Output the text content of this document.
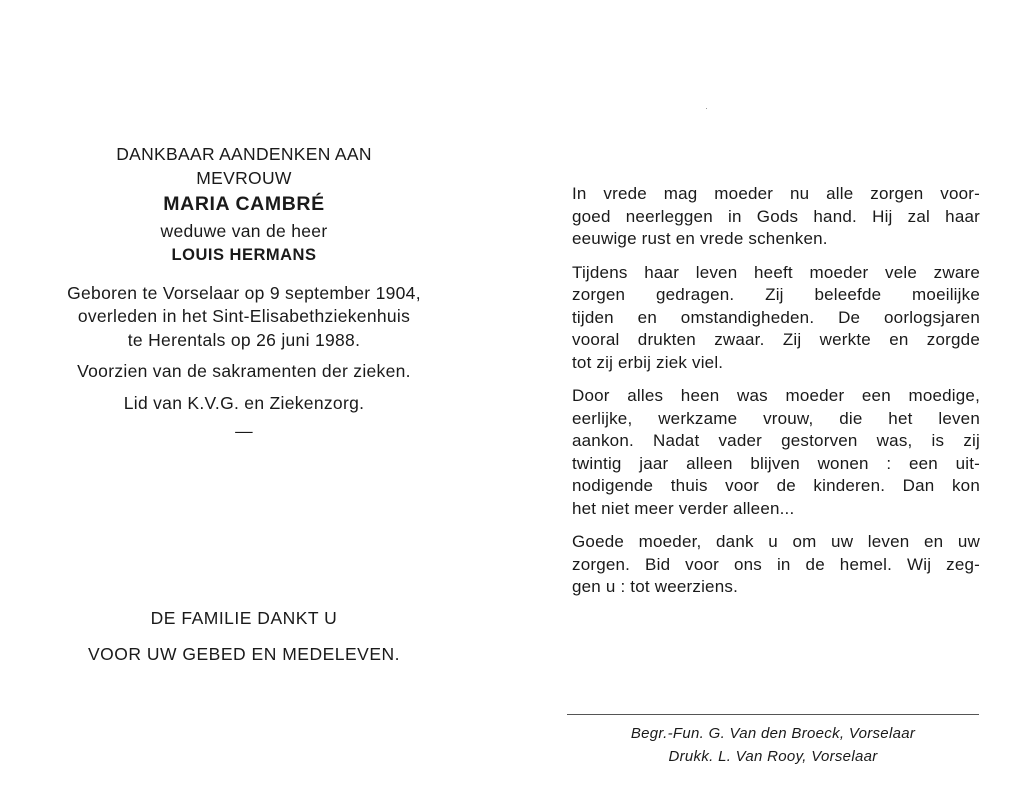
DANKBAAR AANDENKEN AAN
MEVROUW
MARIA CAMBRÉ
weduwe van de heer
LOUIS HERMANS
Geboren te Vorselaar op 9 september 1904,
overleden in het Sint-Elisabethziekenhuis
te Herentals op 26 juni 1988.
Voorzien van de sakramenten der zieken.
Lid van K.V.G. en Ziekenzorg.
—
DE FAMILIE DANKT U
VOOR UW GEBED EN MEDELEVEN.

In vrede mag moeder nu alle zorgen voor-
goed neerleggen in Gods hand. Hij zal haar
eeuwige rust en vrede schenken.

Tijdens haar leven heeft moeder vele zware
zorgen gedragen. Zij beleefde moeilijke
tijden en omstandigheden. De oorlogsjaren
vooral drukten zwaar. Zij werkte en zorgde
tot zij erbij ziek viel.

Door alles heen was moeder een moedige,
eerlijke, werkzame vrouw, die het leven
aankon. Nadat vader gestorven was, is zij
twintig jaar alleen blijven wonen : een uit-
nodigende thuis voor de kinderen. Dan kon
het niet meer verder alleen...

Goede moeder, dank u om uw leven en uw
zorgen. Bid voor ons in de hemel. Wij zeg-
gen u : tot weerziens.

Begr.-Fun. G. Van den Broeck, Vorselaar
Drukk. L. Van Rooy, Vorselaar
